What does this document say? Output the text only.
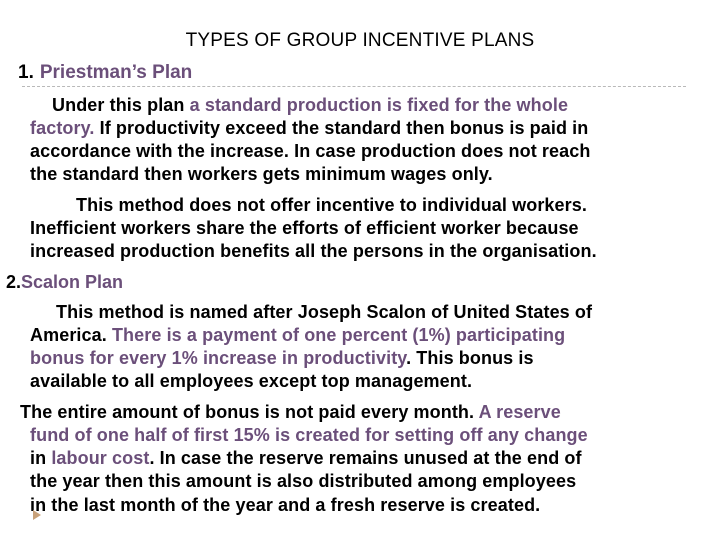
TYPES OF GROUP INCENTIVE PLANS
1. Priestman’s Plan
Under this plan a standard production is fixed for the whole
factory. If productivity exceed the standard then bonus is paid in
accordance with the increase. In case production does not reach
the standard then workers gets minimum wages only.
This method does not offer incentive to individual workers.
Inefficient workers share the efforts of efficient worker because
increased production benefits all the persons in the organisation.
2.Scalon Plan
This method is named after Joseph Scalon of United States of
America. There is a payment of one percent (1%) participating
bonus for every 1% increase in productivity. This bonus is
available to all employees except top management.
The entire amount of bonus is not paid every month. A reserve
fund of one half of first 15% is created for setting off any change
in labour cost. In case the reserve remains unused at the end of
the year then this amount is also distributed among employees
in the last month of the year and a fresh reserve is created.
